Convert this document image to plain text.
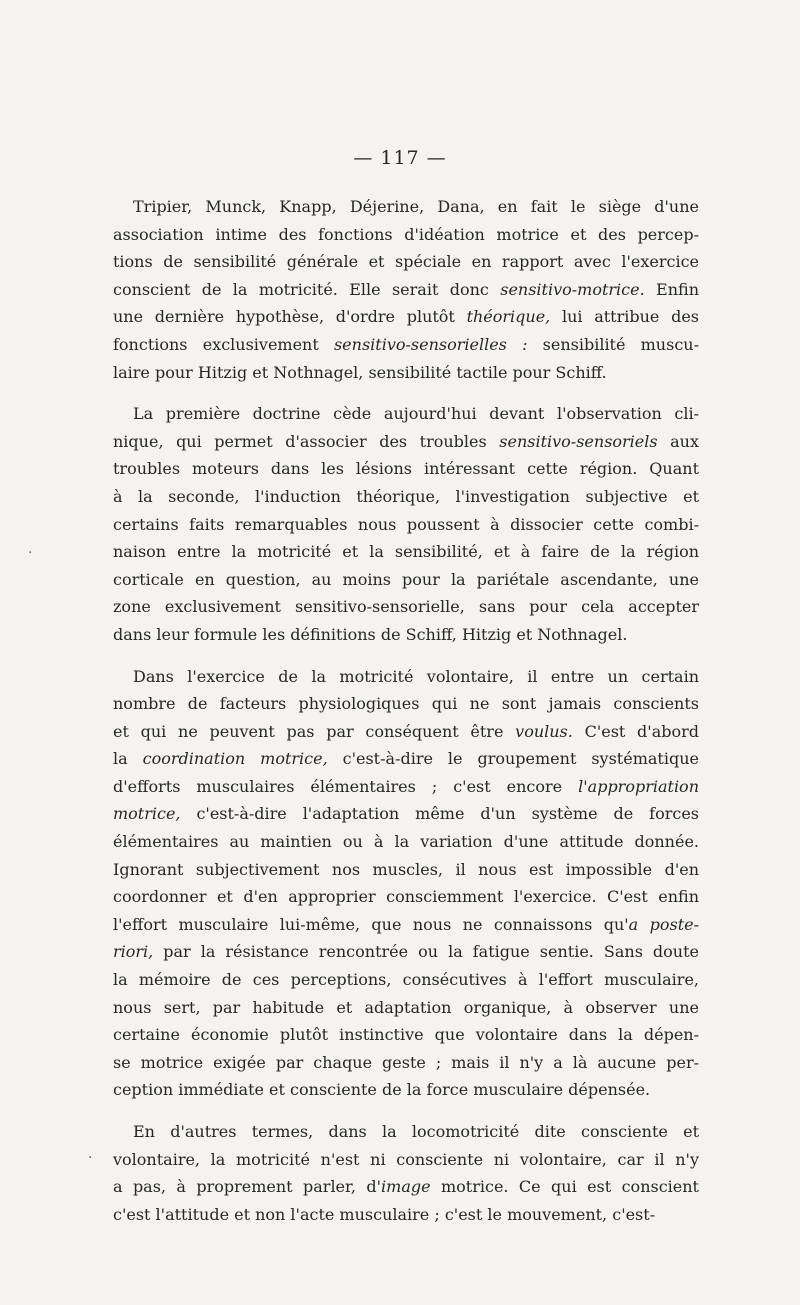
— 117 —
Tripier, Munck, Knapp, Déjerine, Dana, en fait le siège d'une
association intime des fonctions d'idéation motrice et des percep-
tions de sensibilité générale et spéciale en rapport avec l'exercice
conscient de la motricité. Elle serait donc sensitivo-motrice. Enfin
une dernière hypothèse, d'ordre plutôt théorique, lui attribue des
fonctions exclusivement sensitivo-sensorielles : sensibilité muscu-
laire pour Hitzig et Nothnagel, sensibilité tactile pour Schiff.
La première doctrine cède aujourd'hui devant l'observation cli-
nique, qui permet d'associer des troubles sensitivo-sensoriels aux
troubles moteurs dans les lésions intéressant cette région. Quant
à la seconde, l'induction théorique, l'investigation subjective et
certains faits remarquables nous poussent à dissocier cette combi-
naison entre la motricité et la sensibilité, et à faire de la région
corticale en question, au moins pour la pariétale ascendante, une
zone exclusivement sensitivo-sensorielle, sans pour cela accepter
dans leur formule les définitions de Schiff, Hitzig et Nothnagel.
Dans l'exercice de la motricité volontaire, il entre un certain
nombre de facteurs physiologiques qui ne sont jamais conscients
et qui ne peuvent pas par conséquent être voulus. C'est d'abord
la coordination motrice, c'est-à-dire le groupement systématique
d'efforts musculaires élémentaires ; c'est encore l'appropriation
motrice, c'est-à-dire l'adaptation même d'un système de forces
élémentaires au maintien ou à la variation d'une attitude donnée.
Ignorant subjectivement nos muscles, il nous est impossible d'en
coordonner et d'en approprier consciemment l'exercice. C'est enfin
l'effort musculaire lui-même, que nous ne connaissons qu'a poste-
riori, par la résistance rencontrée ou la fatigue sentie. Sans doute
la mémoire de ces perceptions, consécutives à l'effort musculaire,
nous sert, par habitude et adaptation organique, à observer une
certaine économie plutôt instinctive que volontaire dans la dépen-
se motrice exigée par chaque geste ; mais il n'y a là aucune per-
ception immédiate et consciente de la force musculaire dépensée.
En d'autres termes, dans la locomotricité dite consciente et
volontaire, la motricité n'est ni consciente ni volontaire, car il n'y
a pas, à proprement parler, d'image motrice. Ce qui est conscient
c'est l'attitude et non l'acte musculaire ; c'est le mouvement, c'est-
·
·
